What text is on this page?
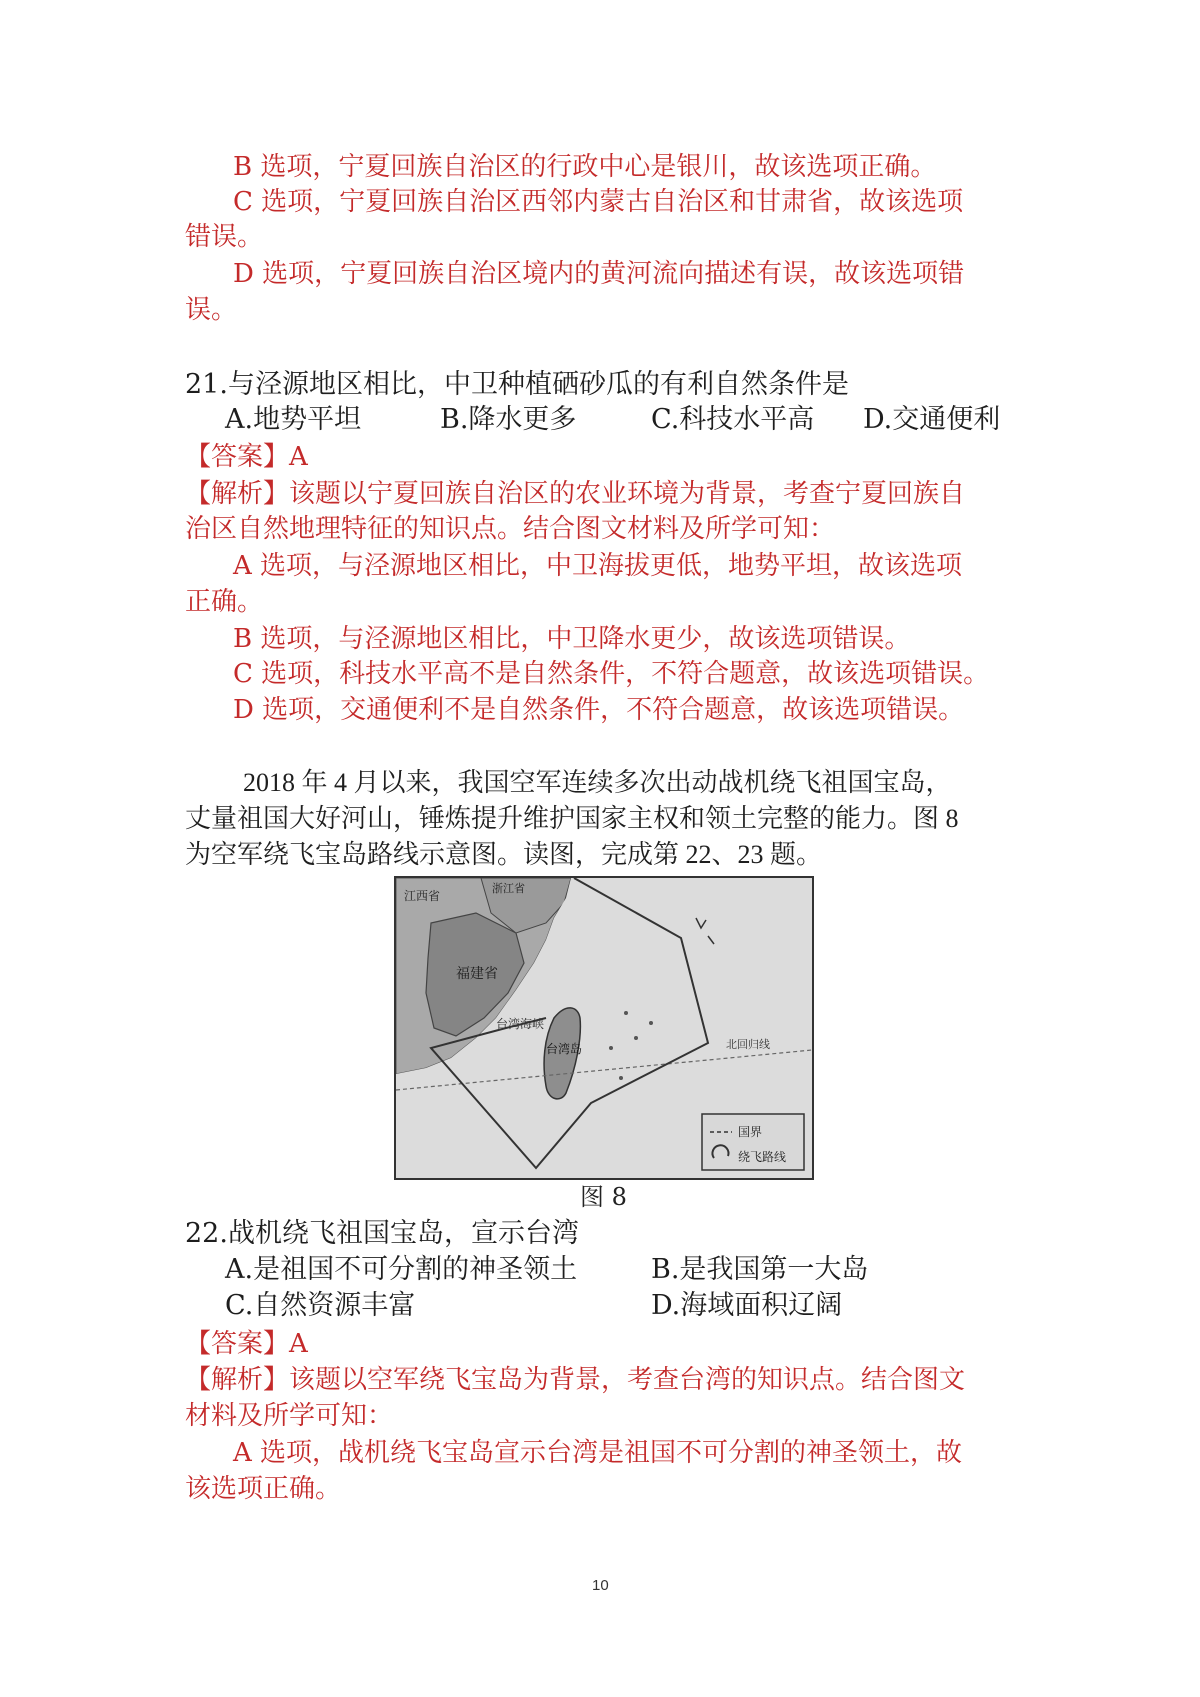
B 选项，宁夏回族自治区的行政中心是银川，故该选项正确。
C 选项，宁夏回族自治区西邻内蒙古自治区和甘肃省，故该选项
错误。
D 选项，宁夏回族自治区境内的黄河流向描述有误，故该选项错
误。
21.与泾源地区相比，中卫种植硒砂瓜的有利自然条件是
A.地势平坦	B.降水更多	C.科技水平高 D.交通便利
【答案】A
【解析】该题以宁夏回族自治区的农业环境为背景，考查宁夏回族自
治区自然地理特征的知识点。结合图文材料及所学可知：
A 选项，与泾源地区相比，中卫海拔更低，地势平坦，故该选项
正确。
B 选项，与泾源地区相比，中卫降水更少，故该选项错误。
C 选项，科技水平高不是自然条件，不符合题意，故该选项错误。
D 选项，交通便利不是自然条件，不符合题意，故该选项错误。
2018 年 4 月以来，我国空军连续多次出动战机绕飞祖国宝岛，
丈量祖国大好河山，锤炼提升维护国家主权和领土完整的能力。图 8
为空军绕飞宝岛路线示意图。读图，完成第 22、23 题。
国界
绕飞路线
江西省
浙江省
福建省
台湾海峡
台湾岛	北回归线
图 8
22.战机绕飞祖国宝岛，宣示台湾
A.是祖国不可分割的神圣领土	B.是我国第一大岛
C.自然资源丰富	D.海域面积辽阔
【答案】A
【解析】该题以空军绕飞宝岛为背景，考查台湾的知识点。结合图文
材料及所学可知：
A 选项，战机绕飞宝岛宣示台湾是祖国不可分割的神圣领土，故
该选项正确。
10
